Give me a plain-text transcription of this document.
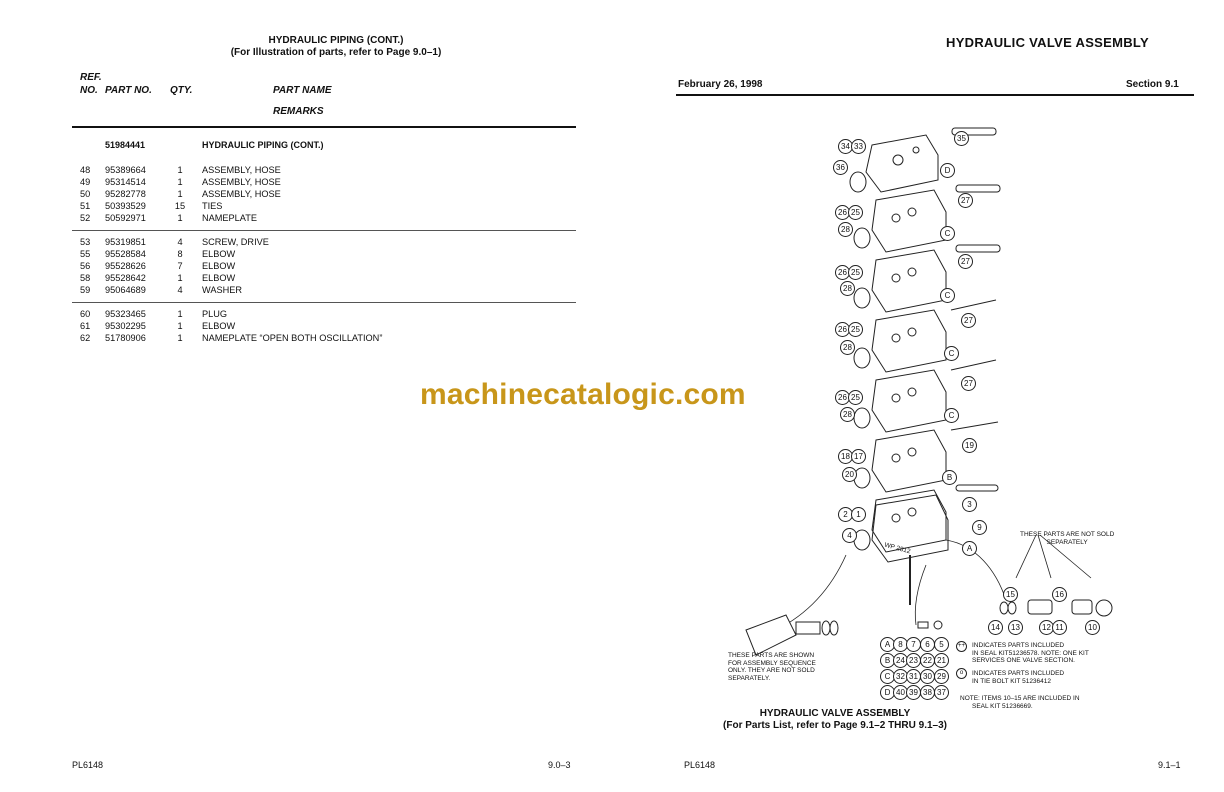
HYDRAULIC PIPING (CONT.)
(For Illustration of parts, refer to Page 9.0–1)
REF.
NO. PART NO. QTY.	PART NAME
REMARKS
51984441	HYDRAULIC PIPING (CONT.)
48 95389664	1	ASSEMBLY, HOSE
49 95314514	1	ASSEMBLY, HOSE
50 95282778	1	ASSEMBLY, HOSE
51 50393529	15	TIES
52 50592971	1	NAMEPLATE
53 95319851	4	SCREW, DRIVE
55 95528584	8	ELBOW
56 95528626	7	ELBOW
58 95528642	1	ELBOW
59 95064689	4	WASHER
60 95323465	1	PLUG
61 95302295	1	ELBOW
62 51780906	1	NAMEPLATE “OPEN BOTH OSCILLATION”
PL6148	9.0–3
machinecatalogic.com
HYDRAULIC VALVE ASSEMBLY
February 26, 1998	Section 9.1
34 33
A	8	7	6	5
B 24 23 22 21
C 32 31 30 29
D 40 39 38 37
15	16
14	13	12 11	10
36
26 25
28
26 25
28
26 25
28
26 25
28
18 17
20
2	1
4
35
D
27
C
27
C
27
C
27
C
19
B
3
9
A
THESE PARTS ARE NOT SOLD
SEPARATELY
THESE PARTS ARE SHOWN
FOR ASSEMBLY SEQUENCE
ONLY. THEY ARE NOT SOLD
SEPARATELY.
++	INDICATES PARTS INCLUDED
IN SEAL KIT51236578. NOTE: ONE KIT
SERVICES ONE VALVE SECTION.
o	INDICATES PARTS INCLUDED
IN TIE BOLT KIT 51236412
NOTE: ITEMS 10–15 ARE INCLUDED IN
SEAL KIT 51236669.
WP 2812
HYDRAULIC VALVE ASSEMBLY
(For Parts List, refer to Page 9.1–2 THRU 9.1–3)
PL6148	9.1–1
